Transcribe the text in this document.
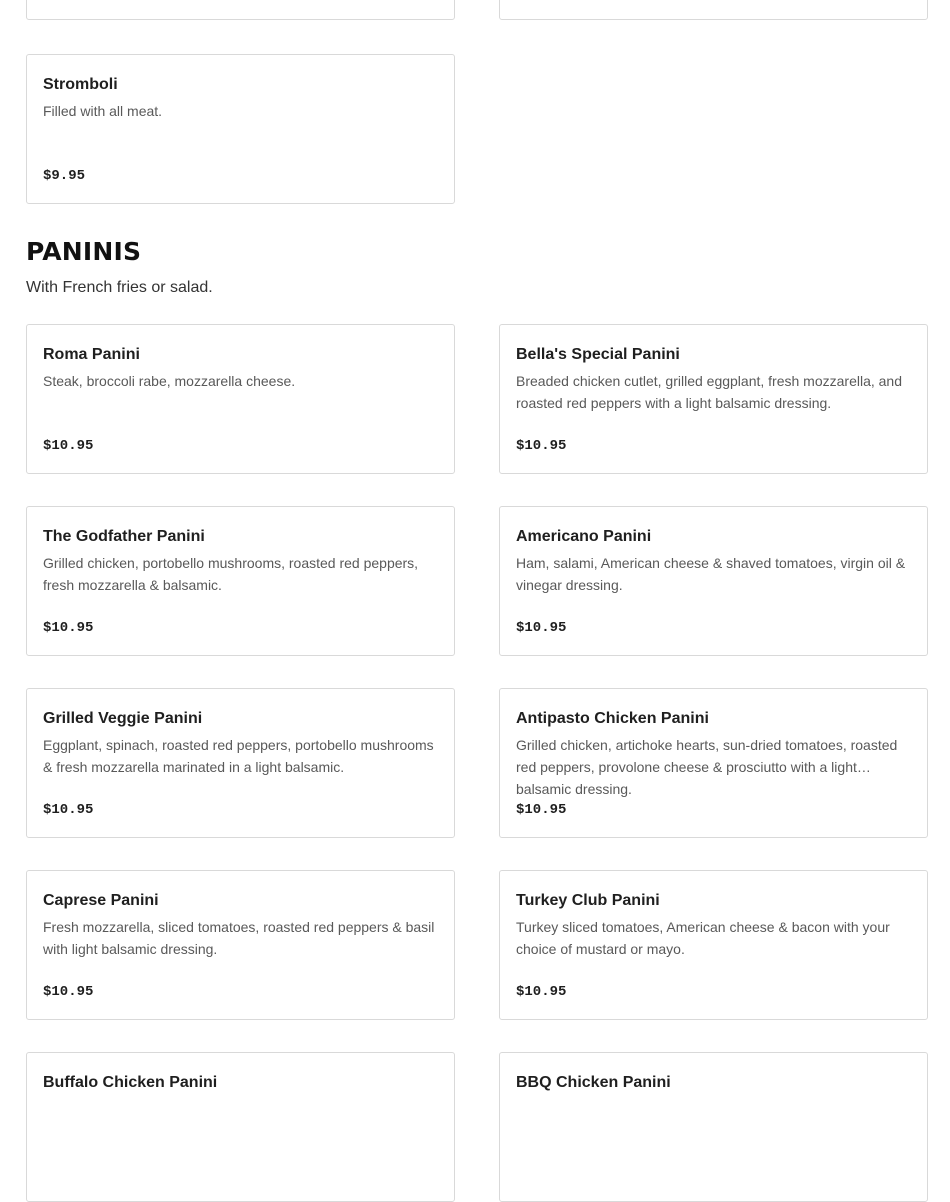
Stromboli
Filled with all meat.
$9.95
PANINIS

With French fries or salad.

Roma Panini
Steak, broccoli rabe, mozzarella cheese.
$10.95
Bella's Special Panini
Breaded chicken cutlet, grilled eggplant, fresh mozzarella, and roasted red peppers with a light balsamic dressing.
$10.95
The Godfather Panini
Grilled chicken, portobello mushrooms, roasted red peppers, fresh mozzarella & balsamic.
$10.95
Americano Panini
Ham, salami, American cheese & shaved tomatoes, virgin oil & vinegar dressing.
$10.95
Grilled Veggie Panini
Eggplant, spinach, roasted red peppers, portobello mushrooms & fresh mozzarella marinated in a light balsamic.
$10.95
Antipasto Chicken Panini
Grilled chicken, artichoke hearts, sun-dried tomatoes, roasted red peppers, provolone cheese & prosciutto with a light balsamic dressing.
$10.95
Caprese Panini
Fresh mozzarella, sliced tomatoes, roasted red peppers & basil with light balsamic dressing.
$10.95
Turkey Club Panini
Turkey sliced tomatoes, American cheese & bacon with your choice of mustard or mayo.
$10.95
Buffalo Chicken Panini	BBQ Chicken Panini
